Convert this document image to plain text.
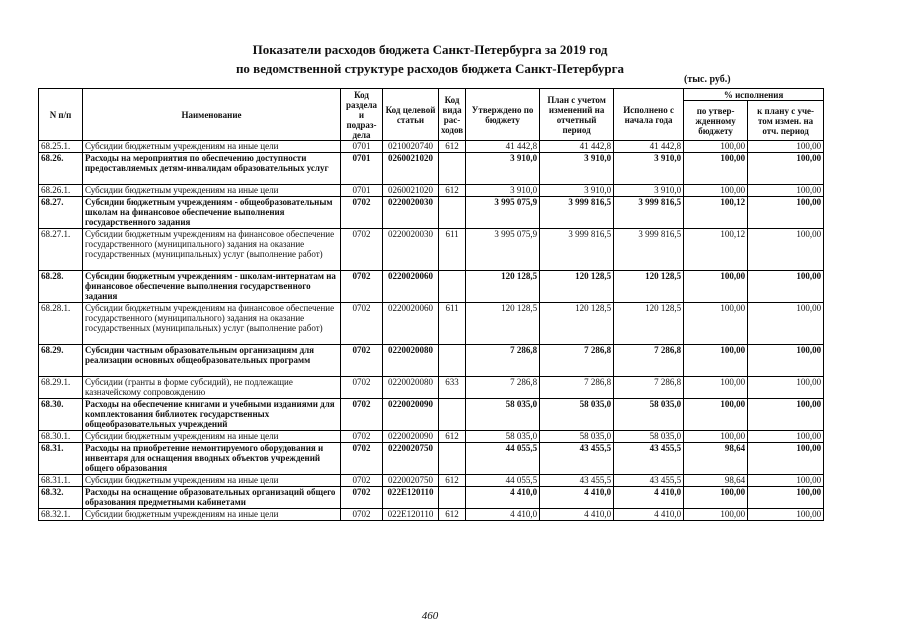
Показатели расходов бюджета Санкт-Петербурга за 2019 год
по ведомственной структуре расходов бюджета Санкт-Петербурга
(тыс. руб.)
N п/п	Наименование	Код раздела и подраз-дела	Код целевой статьи	Код вида рас-ходов	Утверждено по бюджету	План с учетом изменений на отчетный период	Исполнено с начала года	% исполнения	
								по утвер-жденному бюджету	к плану с уче-том измен. на отч. период
68.25.1.	Субсидии бюджетным учреждениям на иные цели	0701	0210020740	612	41 442,8	41 442,8	41 442,8	100,00	100,00
68.26.	Расходы на мероприятия по обеспечению доступности предоставляемых детям-инвалидам образовательных услуг	0701	0260021020		3 910,0	3 910,0	3 910,0	100,00	100,00
68.26.1.	Субсидии бюджетным учреждениям на иные цели	0701	0260021020	612	3 910,0	3 910,0	3 910,0	100,00	100,00
68.27.	Субсидии бюджетным учреждениям - общеобразовательным школам на финансовое обеспечение выполнения государственного задания	0702	0220020030		3 995 075,9	3 999 816,5	3 999 816,5	100,12	100,00
68.27.1.	Субсидии бюджетным учреждениям на финансовое обеспечение государственного (муниципального) задания на оказание государственных (муниципальных) услуг (выполнение работ)	0702	0220020030	611	3 995 075,9	3 999 816,5	3 999 816,5	100,12	100,00
68.28.	Субсидии бюджетным учреждениям - школам-интернатам на финансовое обеспечение выполнения государственного задания	0702	0220020060		120 128,5	120 128,5	120 128,5	100,00	100,00
68.28.1.	Субсидии бюджетным учреждениям на финансовое обеспечение государственного (муниципального) задания на оказание государственных (муниципальных) услуг (выполнение работ)	0702	0220020060	611	120 128,5	120 128,5	120 128,5	100,00	100,00
68.29.	Субсидии частным образовательным организациям для реализации основных общеобразовательных программ	0702	0220020080		7 286,8	7 286,8	7 286,8	100,00	100,00
68.29.1.	Субсидии (гранты в форме субсидий), не подлежащие казначейскому сопровождению	0702	0220020080	633	7 286,8	7 286,8	7 286,8	100,00	100,00
68.30.	Расходы на обеспечение книгами и учебными изданиями для комплектования библиотек государственных общеобразовательных учреждений	0702	0220020090		58 035,0	58 035,0	58 035,0	100,00	100,00
68.30.1.	Субсидии бюджетным учреждениям на иные цели	0702	0220020090	612	58 035,0	58 035,0	58 035,0	100,00	100,00
68.31.	Расходы на приобретение немонтируемого оборудования и инвентаря для оснащения вводных объектов учреждений общего образования	0702	0220020750		44 055,5	43 455,5	43 455,5	98,64	100,00
68.31.1.	Субсидии бюджетным учреждениям на иные цели	0702	0220020750	612	44 055,5	43 455,5	43 455,5	98,64	100,00
68.32.	Расходы на оснащение образовательных организаций общего образования предметными кабинетами	0702	022E120110		4 410,0	4 410,0	4 410,0	100,00	100,00
68.32.1.	Субсидии бюджетным учреждениям на иные цели	0702	022E120110	612	4 410,0	4 410,0	4 410,0	100,00	100,00
460
